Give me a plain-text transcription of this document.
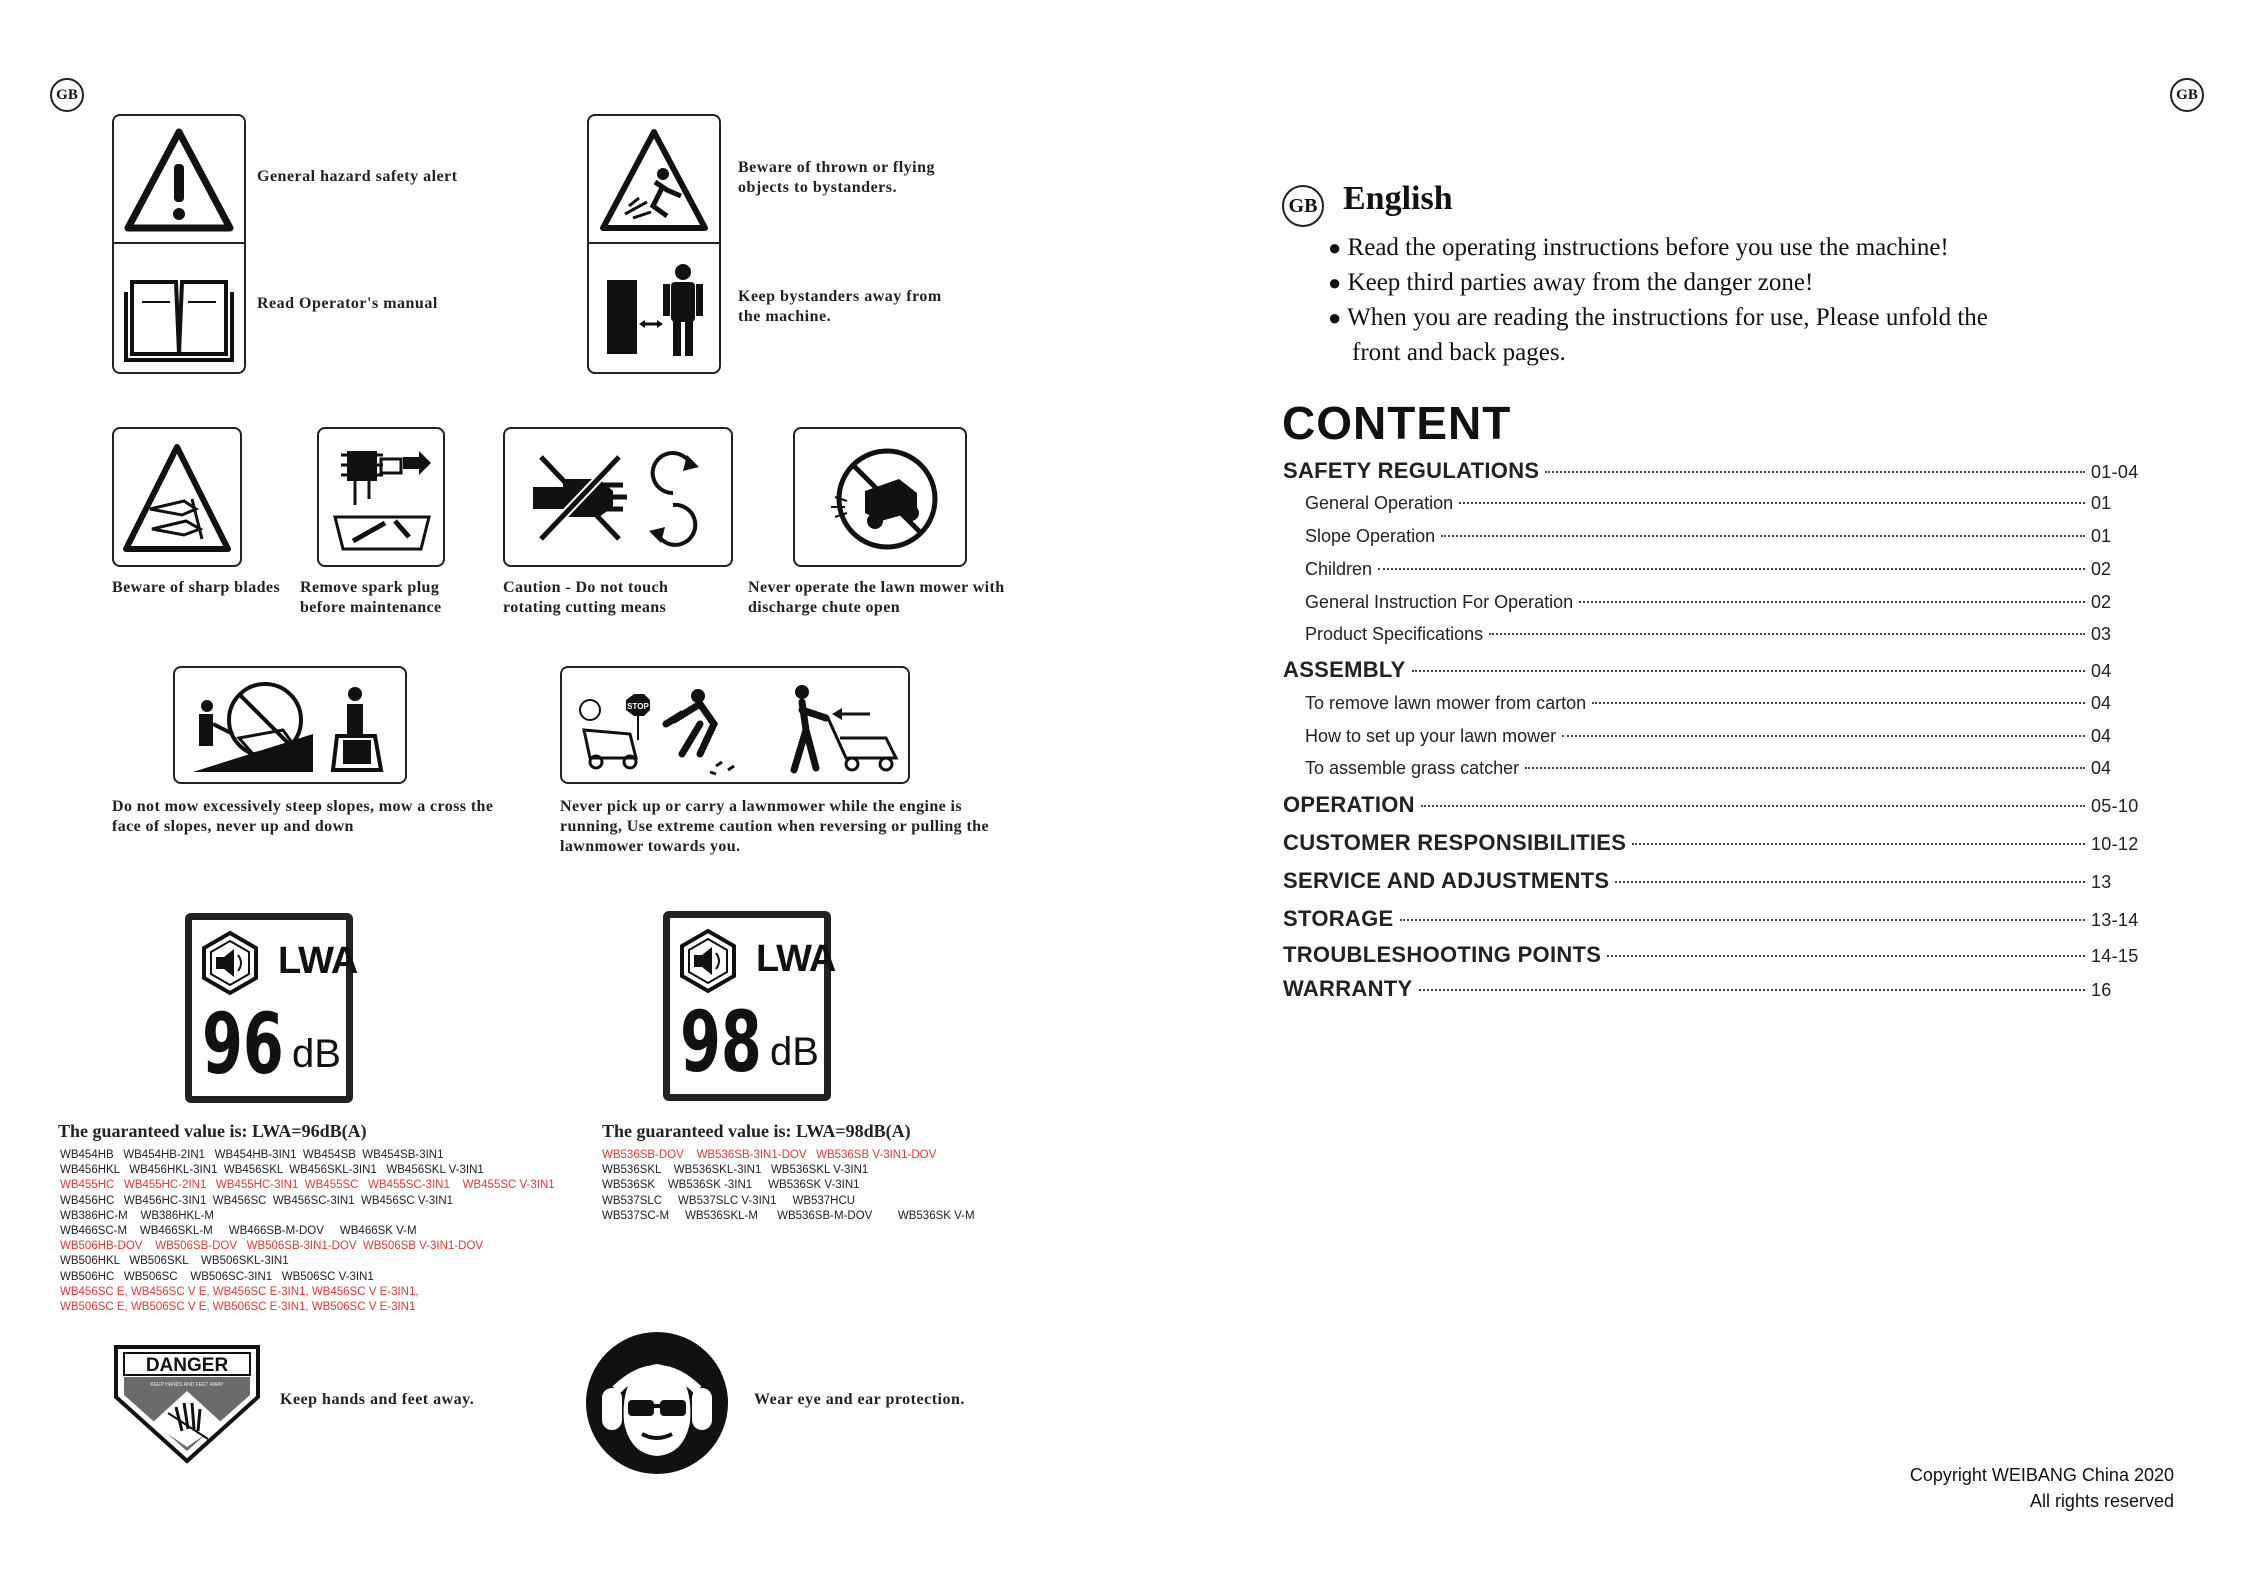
GB
General hazard safety alert
Read Operator's manual
Beware of thrown or flying objects to bystanders.
Keep bystanders away from the machine.
Beware of sharp blades Remove spark plug before maintenance
Caution - Do not touch rotating cutting means
Never operate the lawn mower with discharge chute open
STOP
Do not mow excessively steep slopes, mow a cross the face of slopes, never up and down
Never pick up or carry a lawnmower while the engine is running, Use extreme caution when reversing or pulling the lawnmower towards you.
LWA
96 dB
LWA
98 dB
The guaranteed value is: LWA=96dB(A)	The guaranteed value is: LWA=98dB(A)
WB454HB   WB454HB-2IN1   WB454HB-3IN1  WB454SB  WB454SB-3IN1
WB456HKL   WB456HKL-3IN1  WB456SKL  WB456SKL-3IN1   WB456SKL V-3IN1
WB455HC   WB455HC-2IN1   WB455HC-3IN1  WB455SC   WB455SC-3IN1    WB455SC V-3IN1
WB456HC   WB456HC-3IN1  WB456SC  WB456SC-3IN1  WB456SC V-3IN1
WB386HC-M    WB386HKL-M
WB466SC-M    WB466SKL-M     WB466SB-M-DOV     WB466SK V-M
WB506HB-DOV    WB506SB-DOV   WB506SB-3IN1-DOV  WB506SB V-3IN1-DOV
WB506HKL   WB506SKL    WB506SKL-3IN1
WB506HC   WB506SC    WB506SC-3IN1   WB506SC V-3IN1
WB456SC E, WB456SC V E, WB456SC E-3IN1, WB456SC V E-3IN1,
WB506SC E, WB506SC V E, WB506SC E-3IN1, WB506SC V E-3IN1
WB536SB-DOV    WB536SB-3IN1-DOV   WB536SB V-3IN1-DOV
WB536SKL    WB536SKL-3IN1   WB536SKL V-3IN1
WB536SK    WB536SK -3IN1     WB536SK V-3IN1
WB537SLC     WB537SLC V-3IN1     WB537HCU
WB537SC-M     WB536SKL-M      WB536SB-M-DOV        WB536SK V-M
DANGER
KEEP HANDS AND FEET AWAY
Keep hands and feet away.	Wear eye and ear protection.
GB
GB English
● Read the operating instructions before you use the machine!
● Keep third parties away from the danger zone!
● When you are reading the instructions for use, Please unfold the
front and back pages.
CONTENT
SAFETY REGULATIONS	01-04
General Operation	01
Slope Operation	01
Children	02
General Instruction For Operation	02
Product Specifications	03
ASSEMBLY	04
To remove lawn mower from carton	04
How to set up your lawn mower	04
To assemble grass catcher	04
OPERATION	05-10
CUSTOMER RESPONSIBILITIES	10-12
SERVICE AND ADJUSTMENTS	13
STORAGE	13-14
TROUBLESHOOTING POINTS	14-15
WARRANTY	16
Copyright WEIBANG China 2020
All rights reserved
